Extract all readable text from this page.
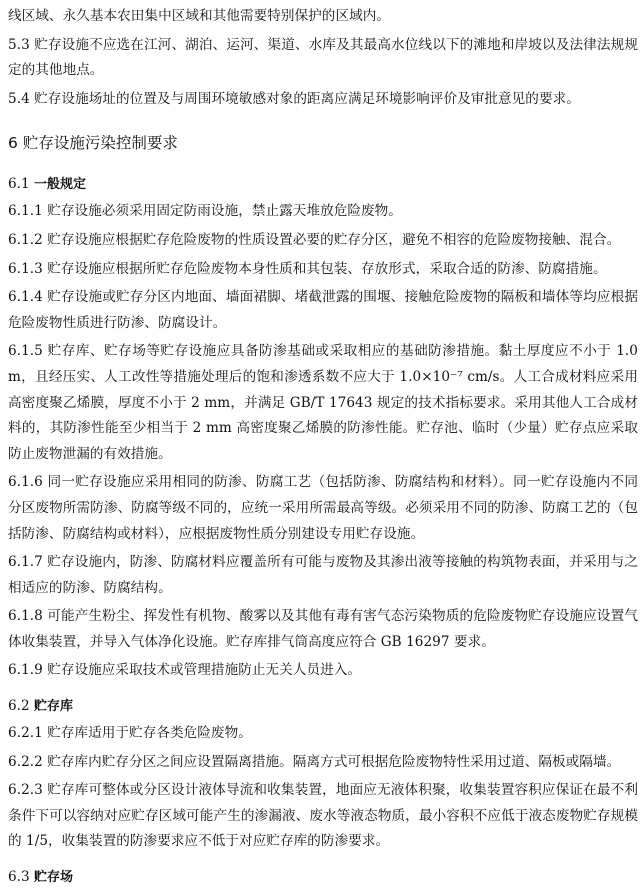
线区域、永久基本农田集中区域和其他需要特别保护的区域内。

5.3 贮存设施不应选在江河、湖泊、运河、渠道、水库及其最高水位线以下的滩地和岸坡以及法律法规规定的其他地点。

5.4 贮存设施场址的位置及与周围环境敏感对象的距离应满足环境影响评价及审批意见的要求。

6 贮存设施污染控制要求
6.1 一般规定

6.1.1 贮存设施必须采用固定防雨设施，禁止露天堆放危险废物。

6.1.2 贮存设施应根据贮存危险废物的性质设置必要的贮存分区，避免不相容的危险废物接触、混合。

6.1.3 贮存设施应根据所贮存危险废物本身性质和其包装、存放形式，采取合适的防渗、防腐措施。

6.1.4 贮存设施或贮存分区内地面、墙面裙脚、堵截泄露的围堰、接触危险废物的隔板和墙体等均应根据危险废物性质进行防渗、防腐设计。

6.1.5 贮存库、贮存场等贮存设施应具备防渗基础或采取相应的基础防渗措施。黏土厚度应不小于 1.0 m，且经压实、人工改性等措施处理后的饱和渗透系数不应大于 1.0×10⁻⁷ cm/s。人工合成材料应采用高密度聚乙烯膜，厚度不小于 2 mm，并满足 GB/T 17643 规定的技术指标要求。采用其他人工合成材料的，其防渗性能至少相当于 2 mm 高密度聚乙烯膜的防渗性能。贮存池、临时（少量）贮存点应采取防止废物泄漏的有效措施。

6.1.6 同一贮存设施应采用相同的防渗、防腐工艺（包括防渗、防腐结构和材料）。同一贮存设施内不同分区废物所需防渗、防腐等级不同的，应统一采用所需最高等级。必须采用不同的防渗、防腐工艺的（包括防渗、防腐结构或材料），应根据废物性质分别建设专用贮存设施。

6.1.7 贮存设施内，防渗、防腐材料应覆盖所有可能与废物及其渗出液等接触的构筑物表面，并采用与之相适应的防渗、防腐结构。

6.1.8 可能产生粉尘、挥发性有机物、酸雾以及其他有毒有害气态污染物质的危险废物贮存设施应设置气体收集装置，并导入气体净化设施。贮存库排气筒高度应符合 GB 16297 要求。

6.1.9 贮存设施应采取技术或管理措施防止无关人员进入。

6.2 贮存库

6.2.1 贮存库适用于贮存各类危险废物。

6.2.2 贮存库内贮存分区之间应设置隔离措施。隔离方式可根据危险废物特性采用过道、隔板或隔墙。

6.2.3 贮存库可整体或分区设计液体导流和收集装置，地面应无液体积聚，收集装置容积应保证在最不利条件下可以容纳对应贮存区域可能产生的渗漏液、废水等液态物质，最小容积不应低于液态废物贮存规模的 1/5，收集装置的防渗要求应不低于对应贮存库的防渗要求。

6.3 贮存场
